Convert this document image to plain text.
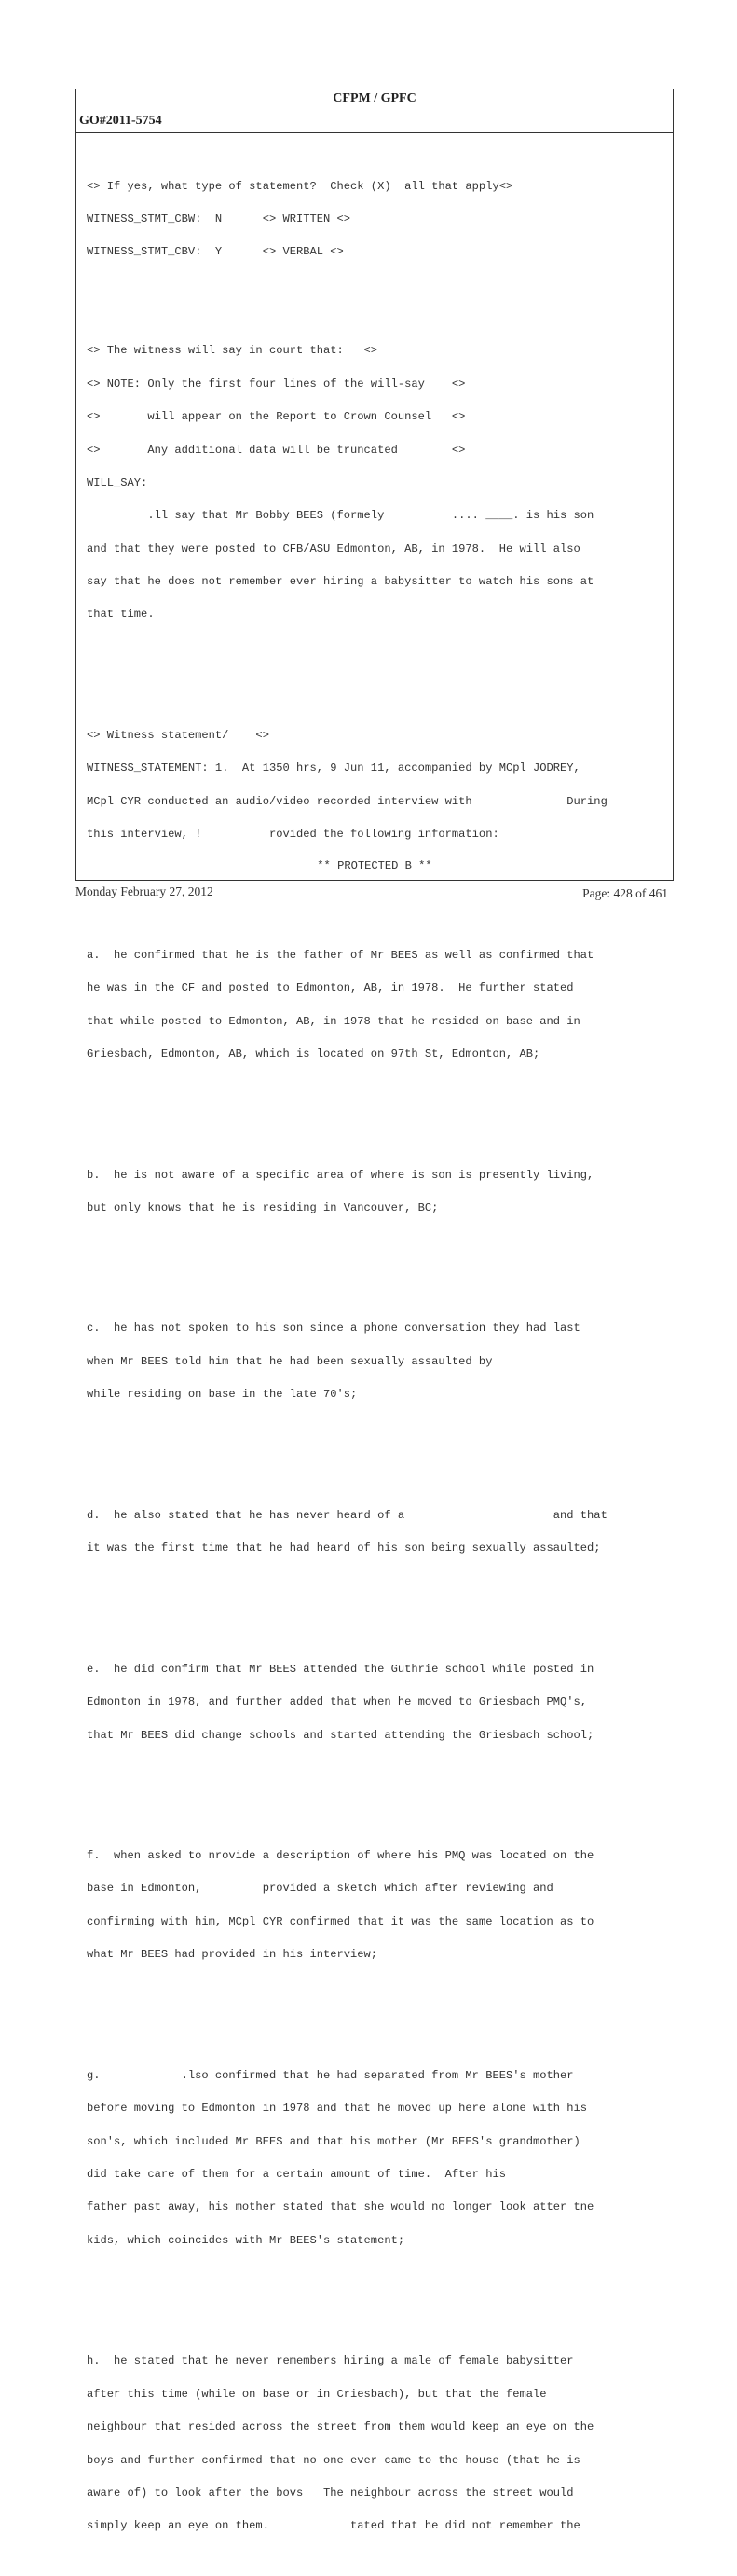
CFPM / GPFC
GO#2011-5754

<> If yes, what type of statement?  Check (X)  all that apply<>

WITNESS_STMT_CBW:  N      <> WRITTEN <>

WITNESS_STMT_CBV:  Y      <> VERBAL <>

<> The witness will say in court that:   <>

<> NOTE: Only the first four lines of the will-say    <>

<>       will appear on the Report to Crown Counsel   <>

<>       Any additional data will be truncated        <>

WILL_SAY:

.ll say that Mr Bobby BEES (formely          .... ____. is his son

and that they were posted to CFB/ASU Edmonton, AB, in 1978.  He will also

say that he does not remember ever hiring a babysitter to watch his sons at

that time.

<> Witness statement/    <>

WITNESS_STATEMENT: 1.  At 1350 hrs, 9 Jun 11, accompanied by MCpl JODREY,

MCpl CYR conducted an audio/video recorded interview with              During

this interview, !          rovided the following information:

a.  he confirmed that he is the father of Mr BEES as well as confirmed that

he was in the CF and posted to Edmonton, AB, in 1978.  He further stated

that while posted to Edmonton, AB, in 1978 that he resided on base and in

Griesbach, Edmonton, AB, which is located on 97th St, Edmonton, AB;

b.  he is not aware of a specific area of where is son is presently living,

but only knows that he is residing in Vancouver, BC;

c.  he has not spoken to his son since a phone conversation they had last

when Mr BEES told him that he had been sexually assaulted by

while residing on base in the late 70's;

d.  he also stated that he has never heard of a                      and that

it was the first time that he had heard of his son being sexually assaulted;

e.  he did confirm that Mr BEES attended the Guthrie school while posted in

Edmonton in 1978, and further added that when he moved to Griesbach PMQ's,

that Mr BEES did change schools and started attending the Griesbach school;

f.  when asked to nrovide a description of where his PMQ was located on the

base in Edmonton,         provided a sketch which after reviewing and

confirming with him, MCpl CYR confirmed that it was the same location as to

what Mr BEES had provided in his interview;

g.            .lso confirmed that he had separated from Mr BEES's mother

before moving to Edmonton in 1978 and that he moved up here alone with his

son's, which included Mr BEES and that his mother (Mr BEES's grandmother)

did take care of them for a certain amount of time.  After his

father past away, his mother stated that she would no longer look atter tne

kids, which coincides with Mr BEES's statement;

h.  he stated that he never remembers hiring a male of female babysitter

after this time (while on base or in Criesbach), but that the female

neighbour that resided across the street from them would keep an eye on the

boys and further confirmed that no one ever came to the house (that he is

aware of) to look after the bovs   The neighbour across the street would

simply keep an eye on them.            tated that he did not remember the

** PROTECTED B **
Monday February 27, 2012	Page: 428 of 461
